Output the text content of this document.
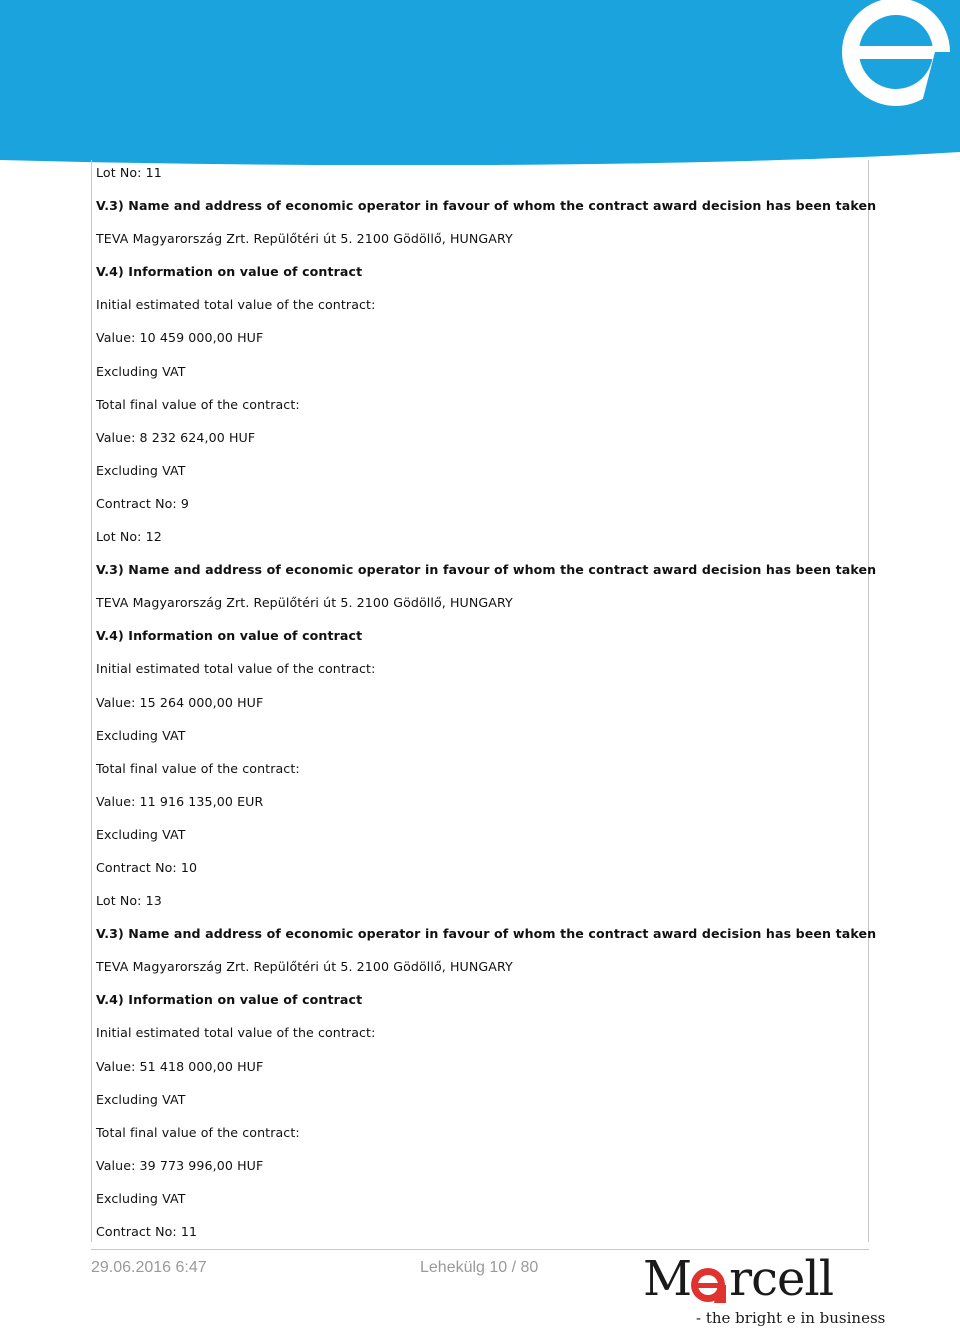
Lot No: 11
V.3) Name and address of economic operator in favour of whom the contract award decision has been taken
TEVA Magyarország Zrt. Repülőtéri út 5. 2100 Gödöllő, HUNGARY
V.4) Information on value of contract
Initial estimated total value of the contract:
Value: 10 459 000,00 HUF
Excluding VAT
Total final value of the contract:
Value: 8 232 624,00 HUF
Excluding VAT
Contract No: 9
Lot No: 12
V.3) Name and address of economic operator in favour of whom the contract award decision has been taken
TEVA Magyarország Zrt. Repülőtéri út 5. 2100 Gödöllő, HUNGARY
V.4) Information on value of contract
Initial estimated total value of the contract:
Value: 15 264 000,00 HUF
Excluding VAT
Total final value of the contract:
Value: 11 916 135,00 EUR
Excluding VAT
Contract No: 10
Lot No: 13
V.3) Name and address of economic operator in favour of whom the contract award decision has been taken
TEVA Magyarország Zrt. Repülőtéri út 5. 2100 Gödöllő, HUNGARY
V.4) Information on value of contract
Initial estimated total value of the contract:
Value: 51 418 000,00 HUF
Excluding VAT
Total final value of the contract:
Value: 39 773 996,00 HUF
Excluding VAT
Contract No: 11
29.06.2016 6:47	Lehekülg 10 / 80 M rcell
- the bright e in business
